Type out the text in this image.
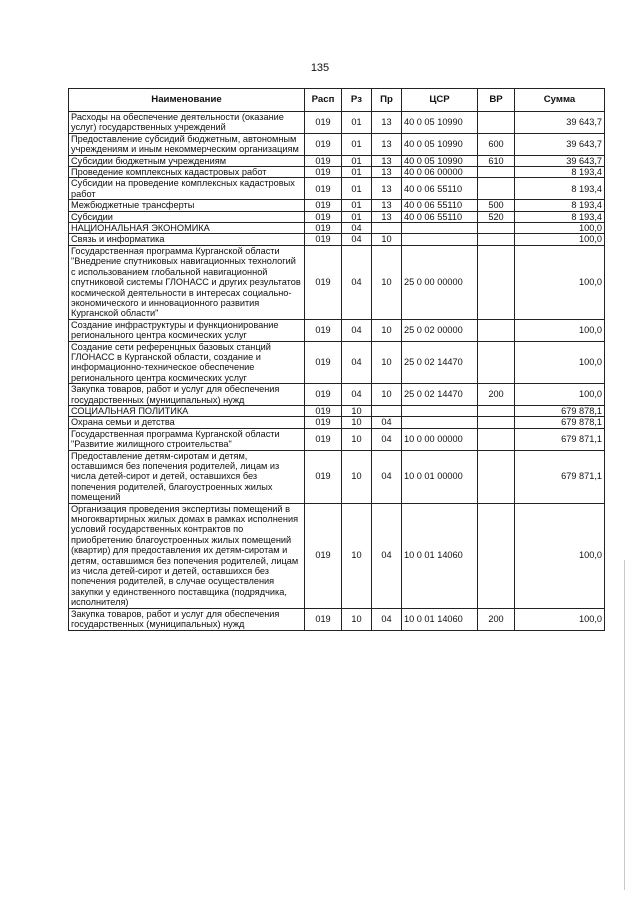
135
Наименование	Расп	Рз	Пр	ЦСР	ВР	Сумма
Расходы на обеспечение деятельности (оказание услуг) государственных учреждений	019	01	13	40 0 05 10990		39 643,7
Предоставление субсидий бюджетным, автономным учреждениям и иным некоммерческим организациям	019	01	13	40 0 05 10990	600	39 643,7
Субсидии бюджетным учреждениям	019	01	13	40 0 05 10990	610	39 643,7
Проведение комплексных кадастровых работ	019	01	13	40 0 06 00000		8 193,4
Субсидии на проведение комплексных кадастровых работ	019	01	13	40 0 06 55110		8 193,4
Межбюджетные трансферты	019	01	13	40 0 06 55110	500	8 193,4
Субсидии	019	01	13	40 0 06 55110	520	8 193,4
НАЦИОНАЛЬНАЯ ЭКОНОМИКА	019	04				100,0
Связь и информатика	019	04	10			100,0
Государственная программа Курганской области "Внедрение спутниковых навигационных технологий с использованием глобальной навигационной спутниковой системы ГЛОНАСС и других результатов космической деятельности в интересах социально-экономического и инновационного развития Курганской области"	019	04	10	25 0 00 00000		100,0
Создание инфраструктуры и функционирование регионального центра космических услуг	019	04	10	25 0 02 00000		100,0
Создание сети референцных базовых станций ГЛОНАСС в Курганской области, создание и информационно-техническое обеспечение регионального центра космических услуг	019	04	10	25 0 02 14470		100,0
Закупка товаров, работ и услуг для обеспечения государственных (муниципальных) нужд	019	04	10	25 0 02 14470	200	100,0
СОЦИАЛЬНАЯ ПОЛИТИКА	019	10				679 878,1
Охрана семьи и детства	019	10	04			679 878,1
Государственная программа Курганской области "Развитие жилищного строительства"	019	10	04	10 0 00 00000		679 871,1
Предоставление детям-сиротам и детям, оставшимся без попечения родителей, лицам из числа детей-сирот и детей, оставшихся без попечения родителей, благоустроенных жилых помещений	019	10	04	10 0 01 00000		679 871,1
Организация проведения экспертизы помещений в многоквартирных жилых домах в рамках исполнения условий государственных контрактов по приобретению благоустроенных жилых помещений (квартир) для предоставления их детям-сиротам и детям, оставшимся без попечения родителей, лицам из числа детей-сирот и детей, оставшихся без попечения родителей, в случае осуществления закупки у единственного поставщика (подрядчика, исполнителя)	019	10	04	10 0 01 14060		100,0
Закупка товаров, работ и услуг для обеспечения государственных (муниципальных) нужд	019	10	04	10 0 01 14060	200	100,0
